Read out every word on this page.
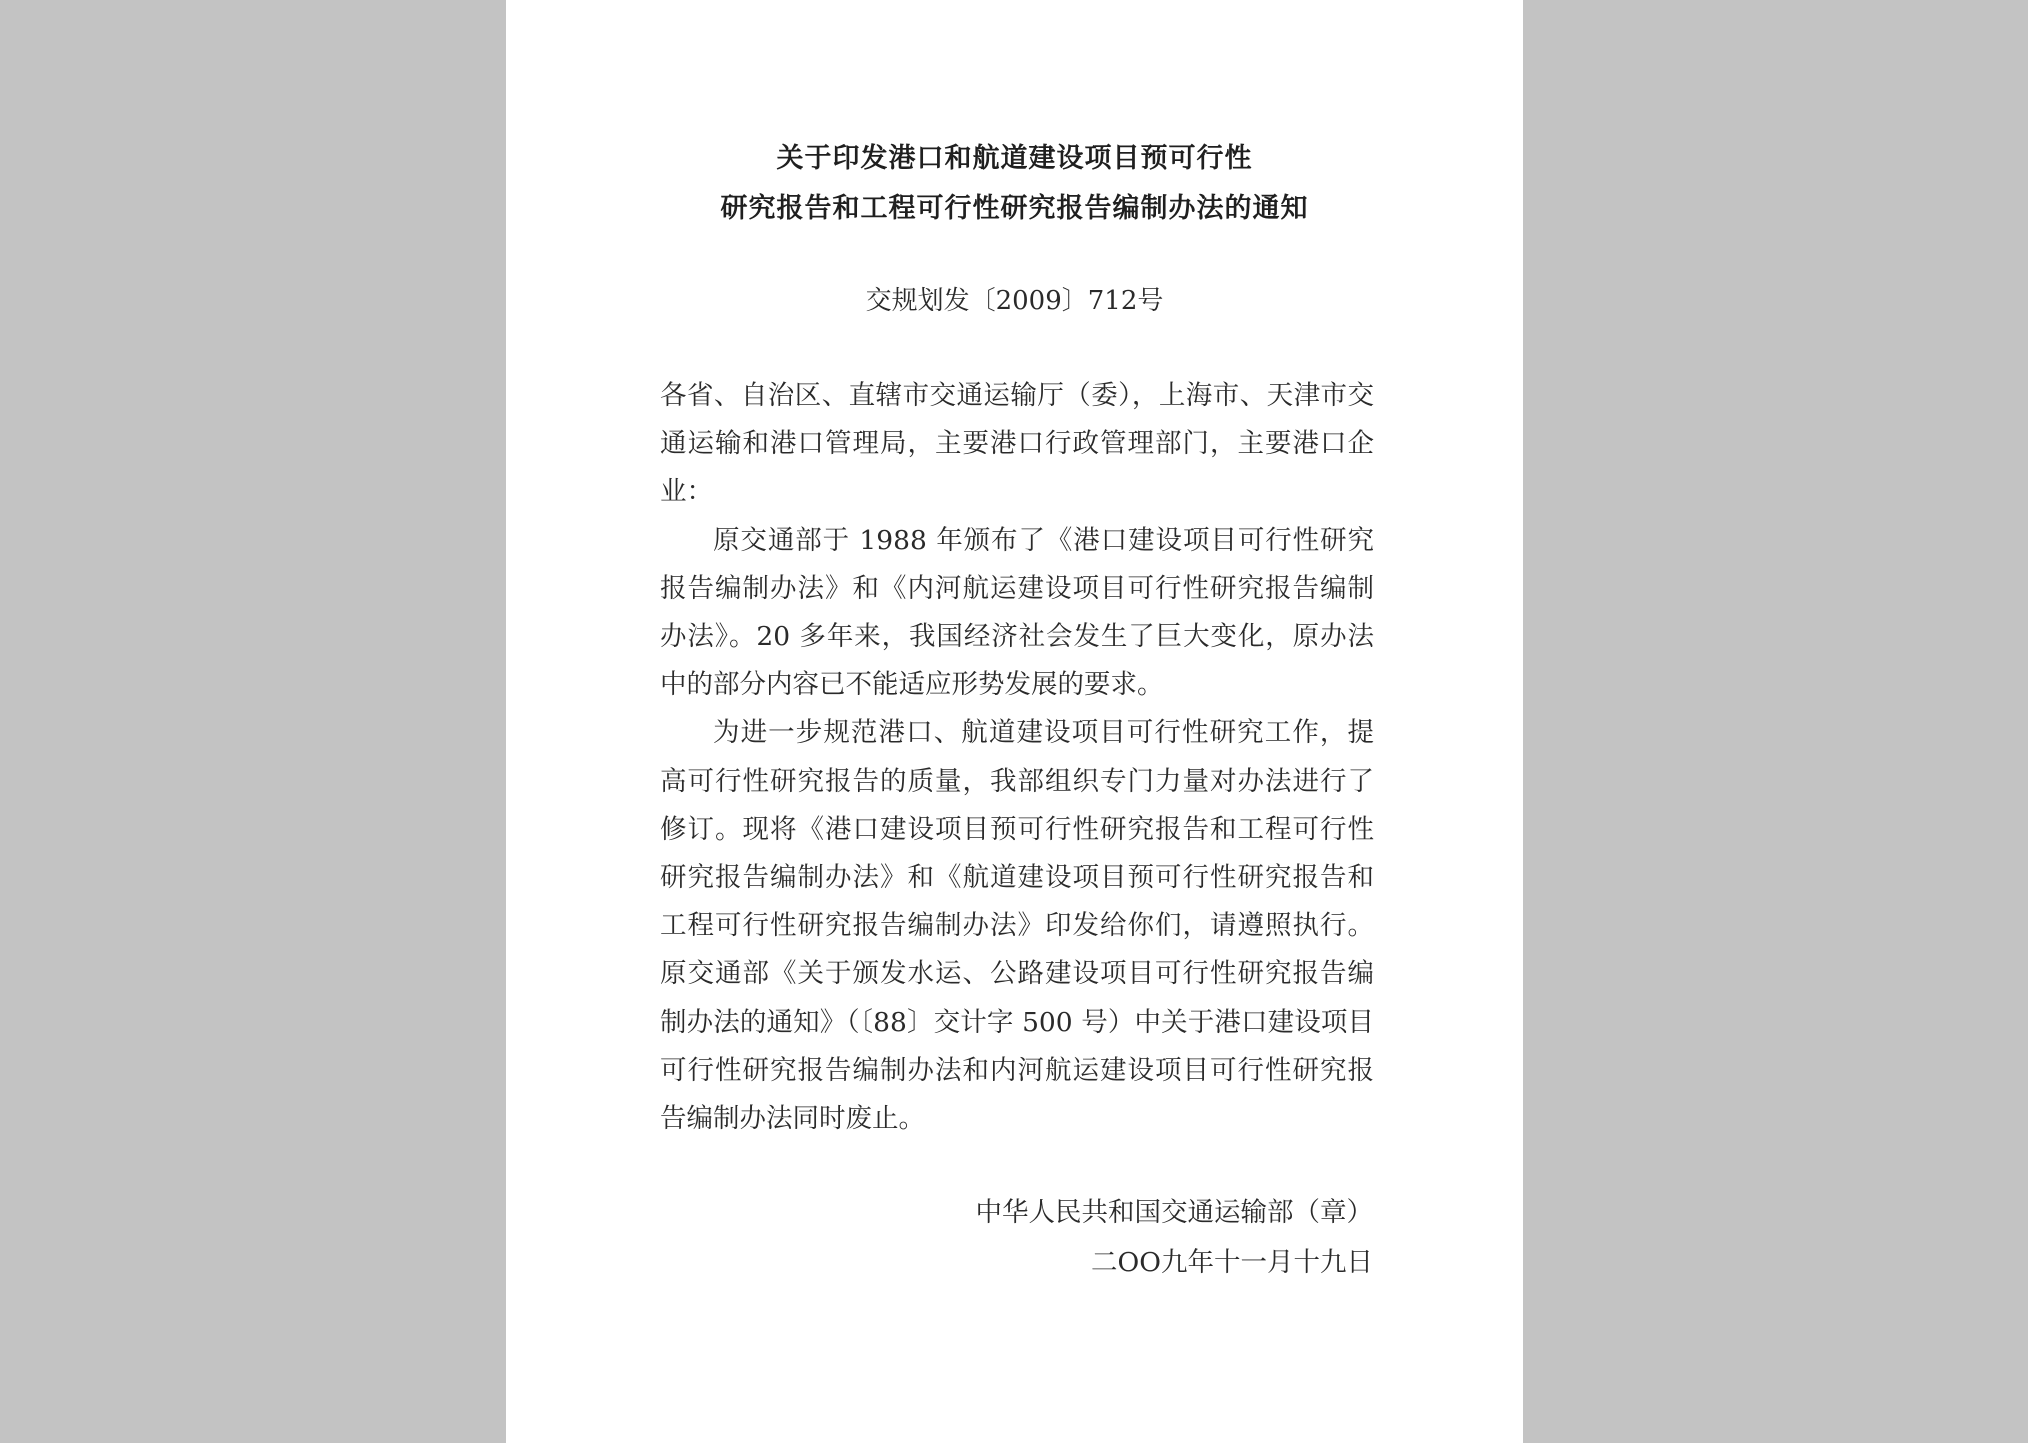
关于印发港口和航道建设项目预可行性
研究报告和工程可行性研究报告编制办法的通知
交规划发〔2009〕712号

各省、自治区、直辖市交通运输厅（委），上海市、天津市交通运输和港口管理局，主要港口行政管理部门，主要港口企业：

原交通部于 1988 年颁布了《港口建设项目可行性研究报告编制办法》和《内河航运建设项目可行性研究报告编制办法》。20 多年来，我国经济社会发生了巨大变化，原办法中的部分内容已不能适应形势发展的要求。

为进一步规范港口、航道建设项目可行性研究工作，提高可行性研究报告的质量，我部组织专门力量对办法进行了修订。现将《港口建设项目预可行性研究报告和工程可行性研究报告编制办法》和《航道建设项目预可行性研究报告和工程可行性研究报告编制办法》印发给你们，请遵照执行。原交通部《关于颁发水运、公路建设项目可行性研究报告编制办法的通知》（〔88〕交计字 500 号）中关于港口建设项目可行性研究报告编制办法和内河航运建设项目可行性研究报告编制办法同时废止。

中华人民共和国交通运输部（章）
二OO九年十一月十九日
